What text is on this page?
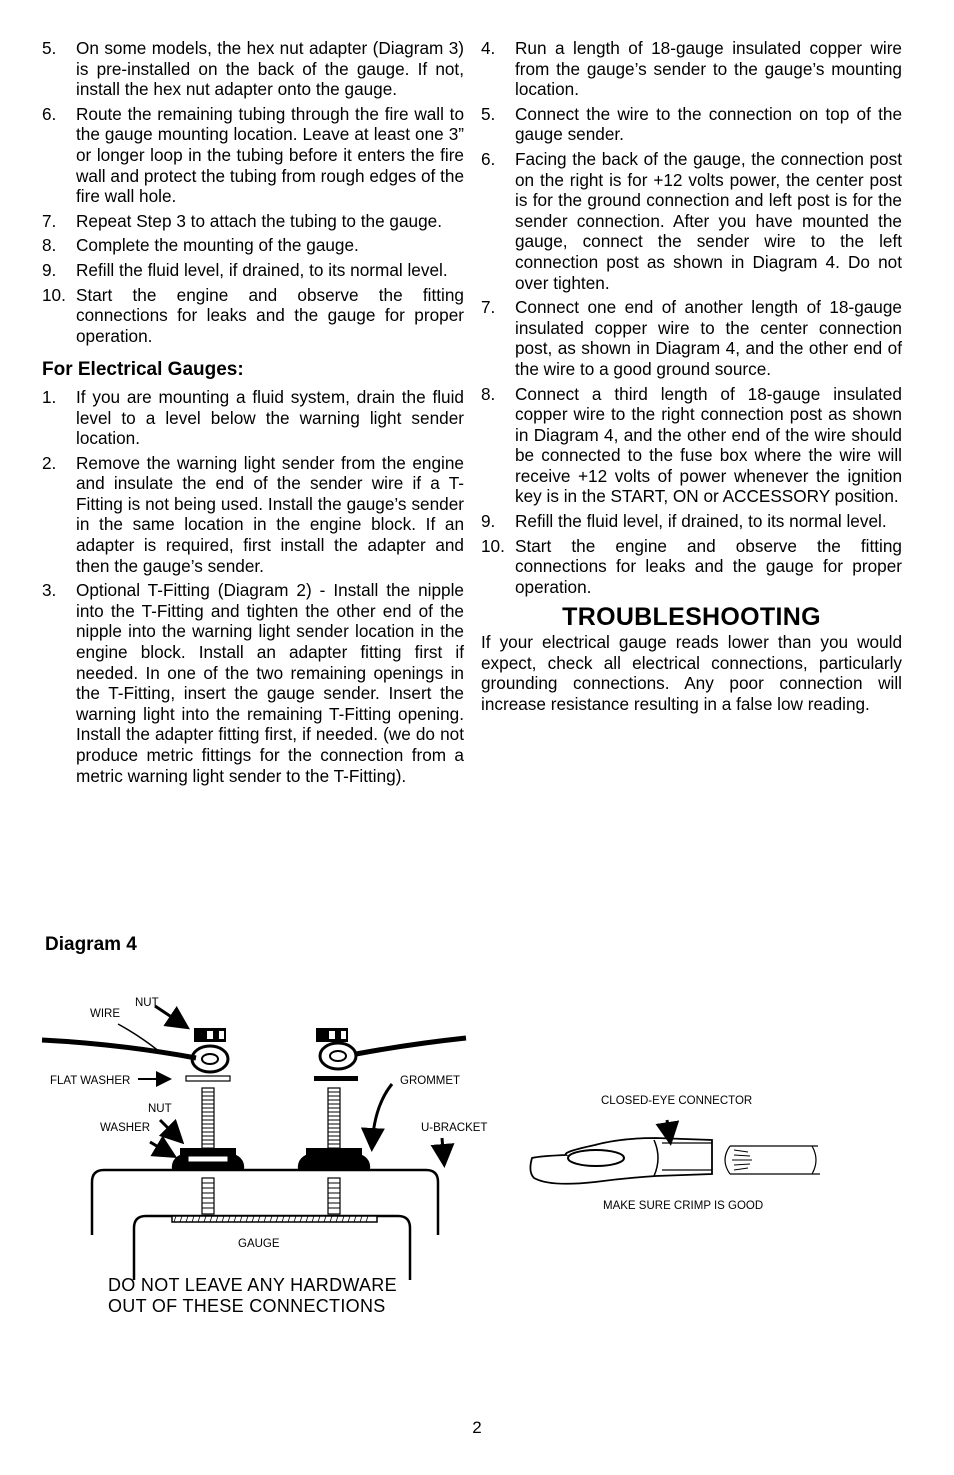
5.	On some models, the hex nut adapter (Diagram 3) is pre-installed on the back of the gauge. If not, install the hex nut adapter onto the gauge.
6.	Route the remaining tubing through the fire wall to the gauge mounting location. Leave at least one 3” or longer loop in the tubing before it enters the fire wall and protect the tubing from rough edges of the fire wall hole.
7.	Repeat Step 3 to attach the tubing to the gauge.
8.	Complete the mounting of the gauge.
9.	Refill the fluid level, if drained, to its normal level.
10. Start the engine and observe the fitting connections for leaks and the gauge for proper operation.
For Electrical Gauges:
1.	If you are mounting a fluid system, drain the fluid level to a level below the warning light sender location.
2.	Remove the warning light sender from the engine and insulate the end of the sender wire if a T-Fitting is not being used. Install the gauge’s sender in the same location in the engine block. If an adapter is required, first install the adapter and then the gauge’s sender.
3.	Optional T-Fitting (Diagram 2) - Install the nipple into the T-Fitting and tighten the other end of the nipple into the warning light sender location in the engine block. Install an adapter fitting first if needed. In one of the two remaining openings in the T-Fitting, insert the gauge sender. Insert the warning light into the remaining T-Fitting opening. Install the adapter fitting first, if needed. (we do not produce metric fittings for the connection from a metric warning light sender to the T-Fitting).
4. Run a length of 18-gauge insulated copper wire from the gauge’s sender to the gauge’s mounting location.
5. Connect the wire to the connection on top of the gauge sender.
6. Facing the back of the gauge, the connection post on the right is for +12 volts power, the center post is for the ground connection and left post is for the sender connection. After you have mounted the gauge, connect the sender wire to the left connection post as shown in Diagram 4. Do not over tighten.
7. Connect one end of another length of 18-gauge insulated copper wire to the center connection post, as shown in Diagram 4, and the other end of the wire to a good ground source.
8. Connect a third length of 18-gauge insulated copper wire to the right connection post as shown in Diagram 4, and the other end of the wire should be connected to the fuse box where the wire will receive +12 volts of power whenever the ignition key is in the START, ON or ACCESSORY position.
9. Refill the fluid level, if drained, to its normal level.
10. Start the engine and observe the fitting connections for leaks and the gauge for proper operation.
TROUBLESHOOTING

If your electrical gauge reads lower than you would expect, check all electrical connections, particularly grounding connections. Any poor connection will increase resistance resulting in a false low reading.

Diagram 4
NUT
WIRE
FLAT WASHER	GROMMET
NUT
WASHER	U-BRACKET
GAUGE
CLOSED-EYE CONNECTOR
MAKE SURE CRIMP IS GOOD
DO NOT LEAVE ANY HARDWARE
OUT OF THESE CONNECTIONS
2
